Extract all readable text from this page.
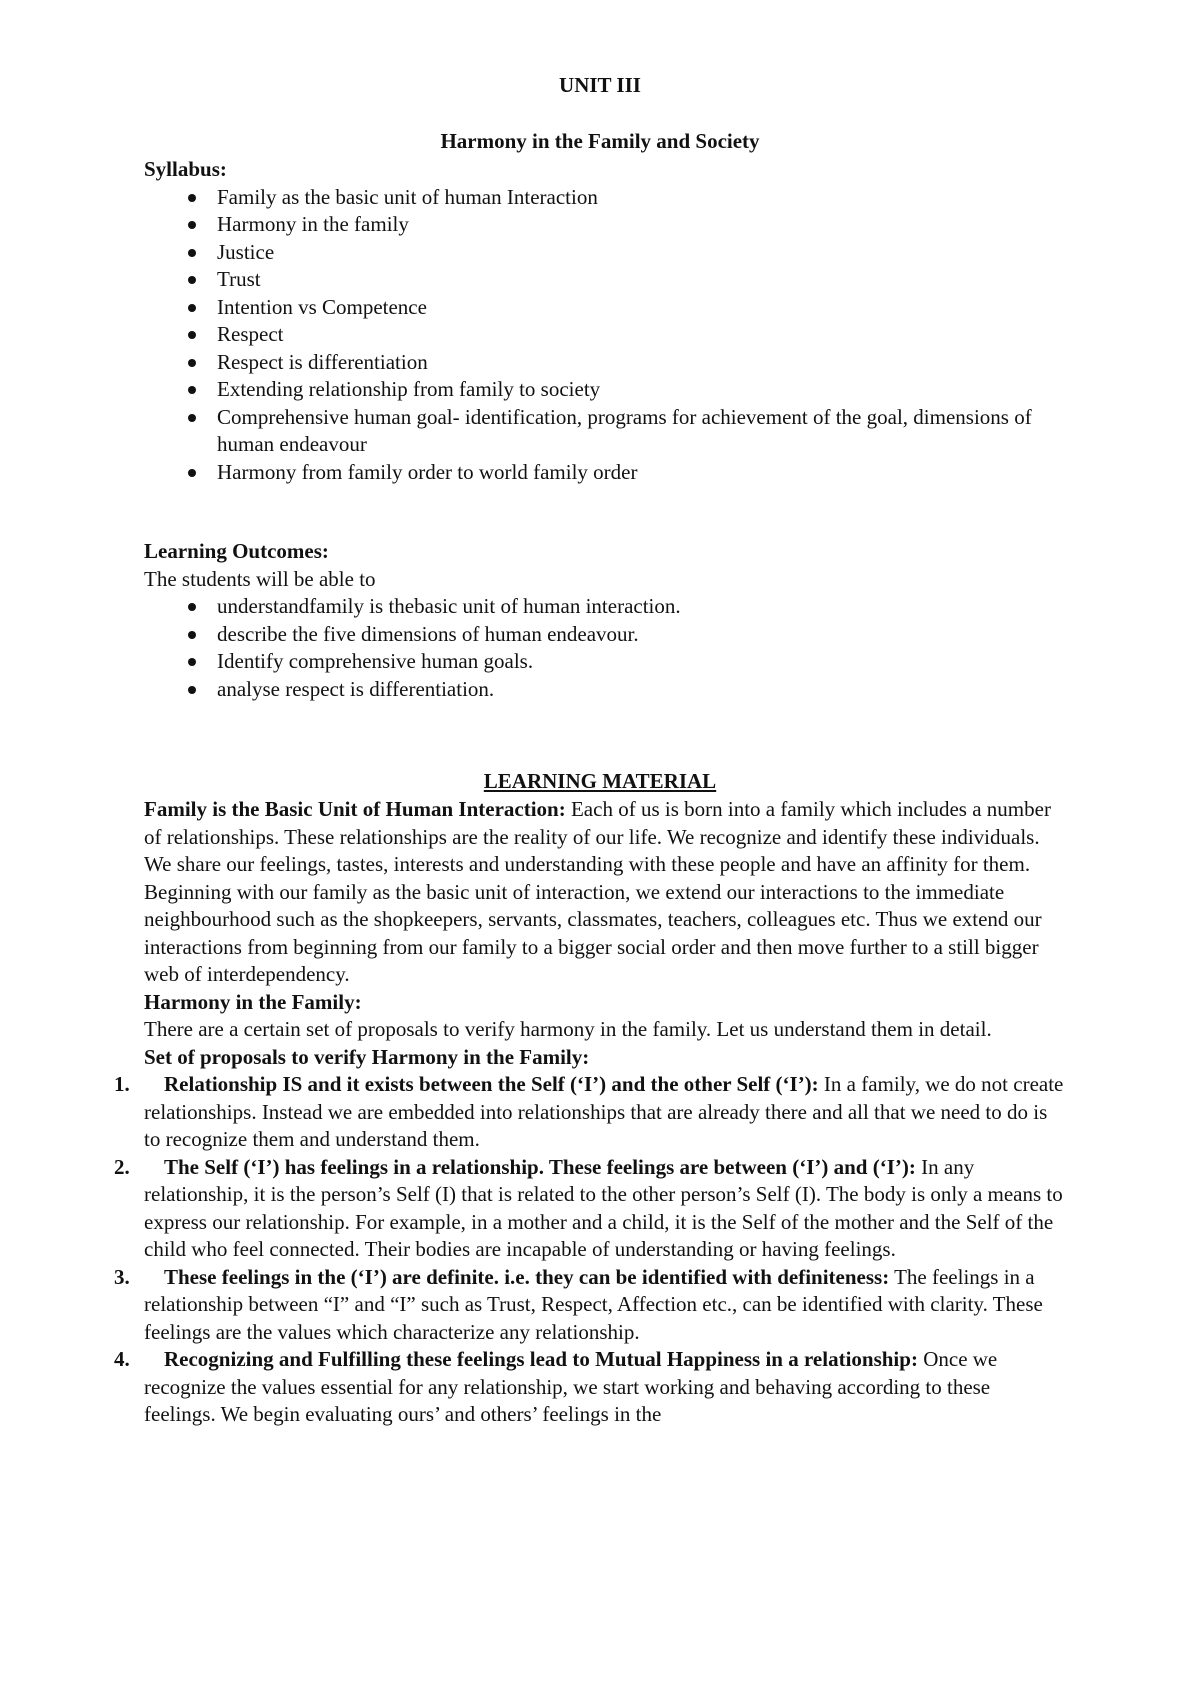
UNIT III
Harmony in the Family and Society
Syllabus:
Family as the basic unit of human Interaction
Harmony in the family
Justice
Trust
Intention vs Competence
Respect
Respect is differentiation
Extending relationship from family to society
Comprehensive human goal- identification, programs for achievement of the goal, dimensions of human endeavour
Harmony from family order to world family order
Learning Outcomes:
The students will be able to
understandfamily is thebasic unit of human interaction.
describe the five dimensions of human endeavour.
Identify comprehensive human goals.
analyse respect is differentiation.
LEARNING MATERIAL

Family is the Basic Unit of Human Interaction: Each of us is born into a family which includes a number of relationships. These relationships are the reality of our life. We recognize and identify these individuals. We share our feelings, tastes, interests and understanding with these people and have an affinity for them.

Beginning with our family as the basic unit of interaction, we extend our interactions to the immediate neighbourhood such as the shopkeepers, servants, classmates, teachers, colleagues etc. Thus we extend our interactions from beginning from our family to a bigger social order and then move further to a still bigger web of interdependency.

Harmony in the Family:

There are a certain set of proposals to verify harmony in the family. Let us understand them in detail.

Set of proposals to verify Harmony in the Family:
1. Relationship IS and it exists between the Self (‘I’) and the other Self (‘I’): In a family, we do not create relationships. Instead we are embedded into relationships that are already there and all that we need to do is to recognize them and understand them.
2. The Self (‘I’) has feelings in a relationship. These feelings are between (‘I’) and (‘I’): In any relationship, it is the person’s Self (I) that is related to the other person’s Self (I). The body is only a means to express our relationship. For example, in a mother and a child, it is the Self of the mother and the Self of the child who feel connected. Their bodies are incapable of understanding or having feelings.
3. These feelings in the (‘I’) are definite. i.e. they can be identified with definiteness: The feelings in a relationship between “I” and “I” such as Trust, Respect, Affection etc., can be identified with clarity. These feelings are the values which characterize any relationship.
4. Recognizing and Fulfilling these feelings lead to Mutual Happiness in a relationship: Once we recognize the values essential for any relationship, we start working and behaving according to these feelings. We begin evaluating ours’ and others’ feelings in the
